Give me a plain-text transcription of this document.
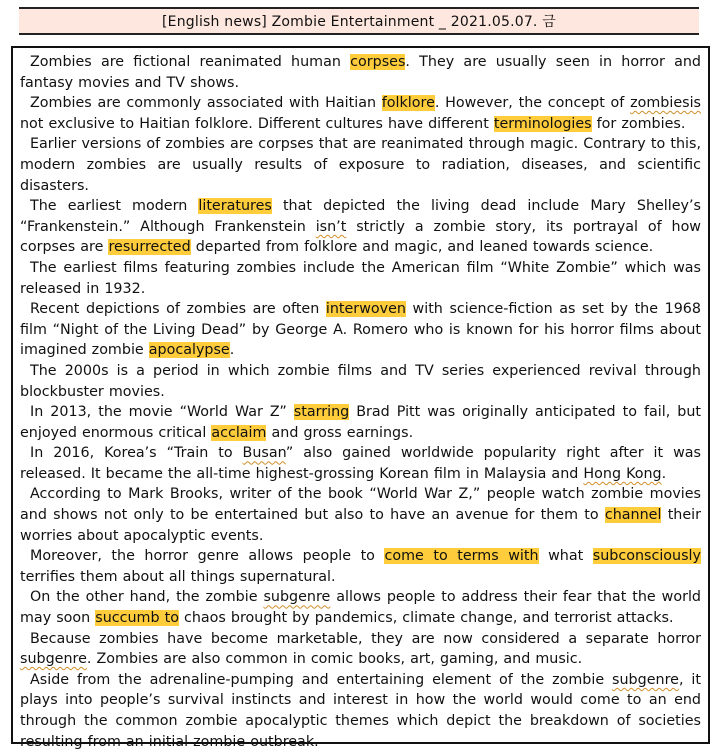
[English news] Zombie Entertainment _ 2021.05.07. 금

Zombies are fictional reanimated human corpses. They are usually seen in horror and fantasy movies and TV shows.

Zombies are commonly associated with Haitian folklore. However, the concept of zombiesis not exclusive to Haitian folklore. Different cultures have different terminologies for zombies.

Earlier versions of zombies are corpses that are reanimated through magic. Contrary to this, modern zombies are usually results of exposure to radiation, diseases, and scientific disasters.

The earliest modern literatures that depicted the living dead include Mary Shelley’s “Frankenstein.” Although Frankenstein isn’t strictly a zombie story, its portrayal of how corpses are resurrected departed from folklore and magic, and leaned towards science.

The earliest films featuring zombies include the American film “White Zombie” which was released in 1932.

Recent depictions of zombies are often interwoven with science-fiction as set by the 1968 film “Night of the Living Dead” by George A. Romero who is known for his horror films about imagined zombie apocalypse.

The 2000s is a period in which zombie films and TV series experienced revival through blockbuster movies.

In 2013, the movie “World War Z” starring Brad Pitt was originally anticipated to fail, but enjoyed enormous critical acclaim and gross earnings.

In 2016, Korea’s “Train to Busan” also gained worldwide popularity right after it was released. It became the all-time highest-grossing Korean film in Malaysia and Hong Kong.

According to Mark Brooks, writer of the book “World War Z,” people watch zombie movies and shows not only to be entertained but also to have an avenue for them to channel their worries about apocalyptic events.

Moreover, the horror genre allows people to come to terms with what subconsciously terrifies them about all things supernatural.

On the other hand, the zombie subgenre allows people to address their fear that the world may soon succumb to chaos brought by pandemics, climate change, and terrorist attacks.

Because zombies have become marketable, they are now considered a separate horror subgenre. Zombies are also common in comic books, art, gaming, and music.

Aside from the adrenaline-pumping and entertaining element of the zombie subgenre, it plays into people’s survival instincts and interest in how the world would come to an end through the common zombie apocalyptic themes which depict the breakdown of societies resulting from an initial zombie outbreak.
